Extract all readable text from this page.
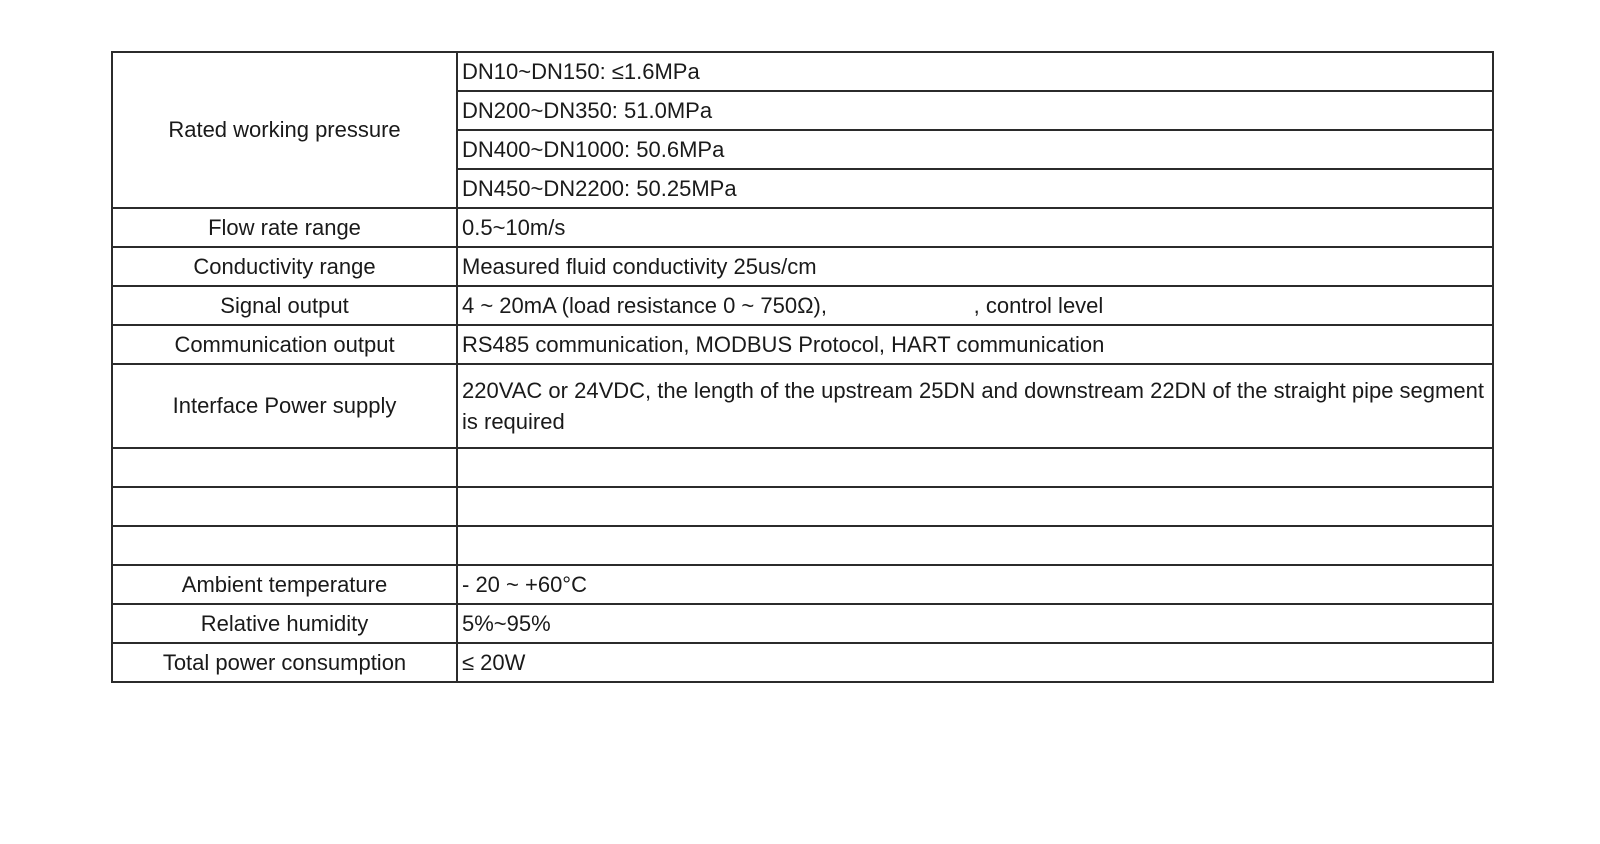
Rated working pressure	DN10~DN150: ≤1.6MPa
	DN200~DN350: 51.0MPa
	DN400~DN1000: 50.6MPa
	DN450~DN2200: 50.25MPa
Flow rate range	0.5~10m/s
Conductivity range	Measured fluid conductivity 25us/cm
Signal output	4 ~ 20mA (load resistance 0 ~ 750Ω),                        , control level
Communication output	RS485 communication, MODBUS Protocol, HART communication
Interface Power supply	220VAC or 24VDC, the length of the upstream 25DN and downstream 22DN of the straight pipe segment is required

Ambient temperature	- 20 ~ +60°C
Relative humidity	5%~95%
Total power consumption	≤ 20W
